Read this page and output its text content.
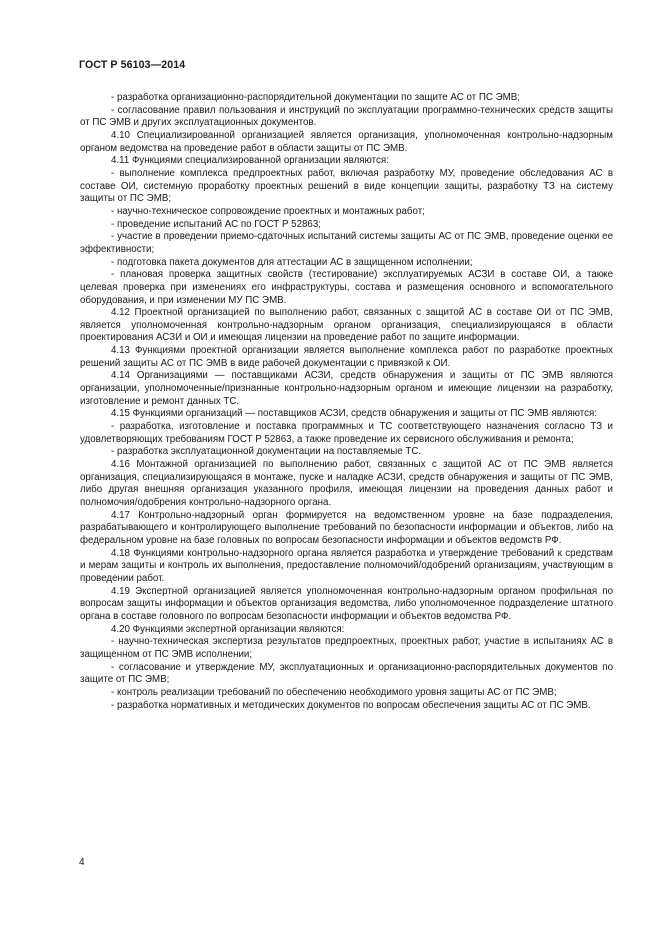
ГОСТ Р 56103—2014

- разработка организационно-распорядительной документации по защите АС от ПС ЭМВ;

- согласование правил пользования и инструкций по эксплуатации программно-технических средств защиты от ПС ЭМВ и других эксплуатационных документов.

4.10 Специализированной организацией является организация, уполномоченная контрольно-надзорным органом ведомства на проведение работ в области защиты от ПС ЭМВ.

4.11 Функциями специализированной организации являются:

- выполнение комплекса предпроектных работ, включая разработку МУ, проведение обследования АС в составе ОИ, системную проработку проектных решений в виде концепции защиты, разработку ТЗ на систему защиты от ПС ЭМВ;

- научно-техническое сопровождение проектных и монтажных работ;

- проведение испытаний АС по ГОСТ Р 52863;

- участие в проведении приемо-сдаточных испытаний системы защиты АС от ПС ЭМВ, проведение оценки ее эффективности;

- подготовка пакета документов для аттестации АС в защищенном исполнении;

- плановая проверка защитных свойств (тестирование) эксплуатируемых АСЗИ в составе ОИ, а также целевая проверка при изменениях его инфраструктуры, состава и размещения основного и вспомогательного оборудования, и при изменении МУ ПС ЭМВ.

4.12 Проектной организацией по выполнению работ, связанных с защитой АС в составе ОИ от ПС ЭМВ, является уполномоченная контрольно-надзорным органом организация, специализирующаяся в области проектирования АСЗИ и ОИ и имеющая лицензии на проведение работ по защите информации.

4.13 Функциями проектной организации является выполнение комплекса работ по разработке проектных решений защиты АС от ПС ЭМВ в виде рабочей документации с привязкой к ОИ.

4.14 Организациями — поставщиками АСЗИ, средств обнаружения и защиты от ПС ЭМВ являются организации, уполномоченные/признанные контрольно-надзорным органом и имеющие лицензии на разработку, изготовление и ремонт данных ТС.

4.15 Функциями организаций — поставщиков АСЗИ, средств обнаружения и защиты от ПС ЭМВ являются:

- разработка, изготовление и поставка программных и ТС соответствующего назначения согласно ТЗ и удовлетворяющих требованиям ГОСТ Р 52863, а также проведение их сервисного обслуживания и ремонта;

- разработка эксплуатационной документации на поставляемые ТС.

4.16 Монтажной организацией по выполнению работ, связанных с защитой АС от ПС ЭМВ является организация, специализирующаяся в монтаже, пуске и наладке АСЗИ, средств обнаружения и защиты от ПС ЭМВ, либо другая внешняя организация указанного профиля, имеющая лицензии на проведения данных работ и полномочия/одобрения контрольно-надзорного органа.

4.17 Контрольно-надзорный орган формируется на ведомственном уровне на базе подразделения, разрабатывающего и контролирующего выполнение требований по безопасности информации и объектов, либо на федеральном уровне на базе головных по вопросам безопасности информации и объектов ведомств РФ.

4.18 Функциями контрольно-надзорного органа является разработка и утверждение требований к средствам и мерам защиты и контроль их выполнения, предоставление полномочий/одобрений организациям, участвующим в проведении работ.

4.19 Экспертной организацией является уполномоченная контрольно-надзорным органом профильная по вопросам защиты информации и объектов организация ведомства, либо уполномоченное подразделение штатного органа в составе головного по вопросам безопасности информации и объектов ведомства РФ.

4.20 Функциями экспертной организации являются:

- научно-техническая экспертиза результатов предпроектных, проектных работ, участие в испытаниях АС в защищенном от ПС ЭМВ исполнении;

- согласование и утверждение МУ, эксплуатационных и организационно-распорядительных документов по защите от ПС ЭМВ;

- контроль реализации требований по обеспечению необходимого уровня защиты АС от ПС ЭМВ;

- разработка нормативных и методических документов по вопросам обеспечения защиты АС от ПС ЭМВ.

4
